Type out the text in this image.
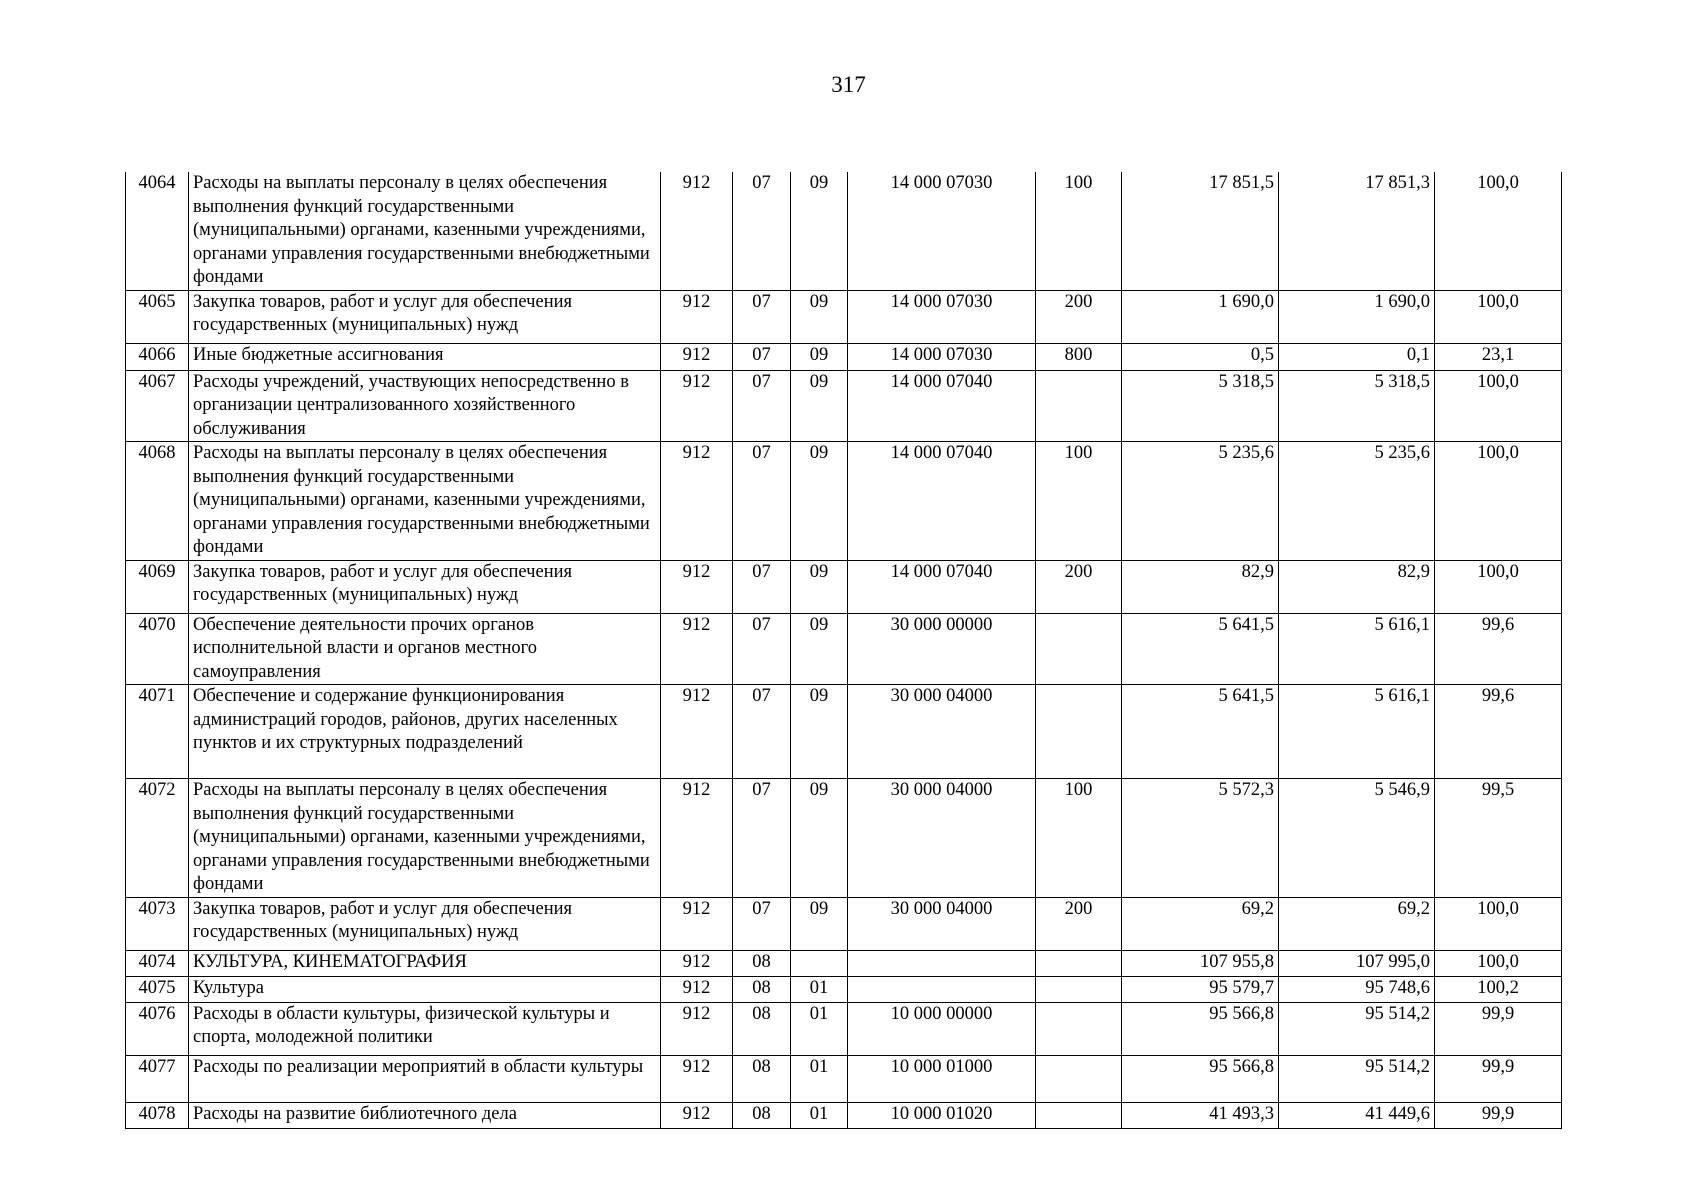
317
4064	Расходы на выплаты персоналу в целях обеспечения выполнения функций государственными (муниципальными) органами, казенными учреждениями, органами управления государственными внебюджетными фондами	912	07	09	14 000 07030	100	17 851,5	17 851,3	100,0
4065	Закупка товаров, работ и услуг для обеспечения государственных (муниципальных) нужд	912	07	09	14 000 07030	200	1 690,0	1 690,0	100,0
4066	Иные бюджетные ассигнования	912	07	09	14 000 07030	800	0,5	0,1	23,1
4067	Расходы учреждений, участвующих непосредственно в организации централизованного хозяйственного обслуживания	912	07	09	14 000 07040		5 318,5	5 318,5	100,0
4068	Расходы на выплаты персоналу в целях обеспечения выполнения функций государственными (муниципальными) органами, казенными учреждениями, органами управления государственными внебюджетными фондами	912	07	09	14 000 07040	100	5 235,6	5 235,6	100,0
4069	Закупка товаров, работ и услуг для обеспечения государственных (муниципальных) нужд	912	07	09	14 000 07040	200	82,9	82,9	100,0
4070	Обеспечение деятельности прочих органов исполнительной власти и органов местного самоуправления	912	07	09	30 000 00000		5 641,5	5 616,1	99,6
4071	Обеспечение и содержание функционирования администраций городов, районов, других населенных пунктов и их структурных подразделений	912	07	09	30 000 04000		5 641,5	5 616,1	99,6
4072	Расходы на выплаты персоналу в целях обеспечения выполнения функций государственными (муниципальными) органами, казенными учреждениями, органами управления государственными внебюджетными фондами	912	07	09	30 000 04000	100	5 572,3	5 546,9	99,5
4073	Закупка товаров, работ и услуг для обеспечения государственных (муниципальных) нужд	912	07	09	30 000 04000	200	69,2	69,2	100,0
4074	КУЛЬТУРА, КИНЕМАТОГРАФИЯ	912	08				107 955,8	107 995,0	100,0
4075	Культура	912	08	01			95 579,7	95 748,6	100,2
4076	Расходы в области культуры, физической культуры и спорта, молодежной политики	912	08	01	10 000 00000		95 566,8	95 514,2	99,9
4077	Расходы по реализации мероприятий в области культуры	912	08	01	10 000 01000		95 566,8	95 514,2	99,9
4078	Расходы на развитие библиотечного дела	912	08	01	10 000 01020		41 493,3	41 449,6	99,9
